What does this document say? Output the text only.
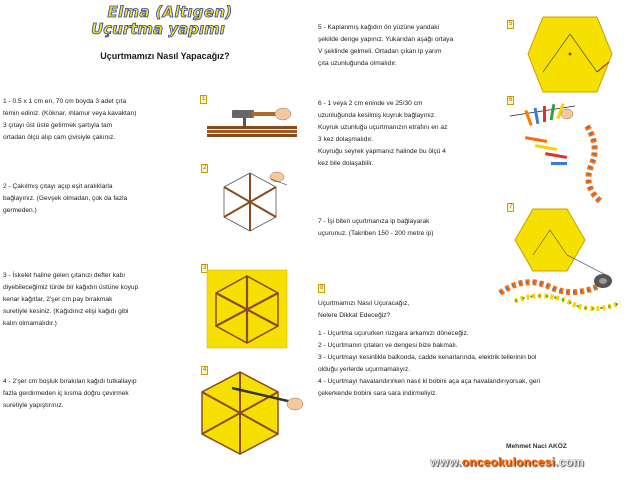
Elma (Altıgen)
Uçurtma yapımı
Uçurtmamızı Nasıl Yapacağız?

1 - 0.5 x 1 cm en, 70 cm boyda 3 adet çıta

temin ediniz. (Köknar, ıhlamur veya kavaktan)

3 çıtayı üst üste getirmek şartıyla tam

ortadan ölçü alıp cam çivisiyle çakınız.

2 - Çakılmış çıtayı açıp eşit aralıklarla

bağlayınız. (Gevşek olmadan, çok da fazla

germeden.)

3 - İskelet haline gelen çıtanızı defter kabı

diyebileceğimiz türde bir kağıdın üstüne koyup

kenar kağıtlar, 2'şer cm pay bırakmak

suretiyle kesiniz. (Kağıdınız elişi kağıdı gibi

kalın olmamalıdır.)

4 - 2'şer cm boşluk bırakılan kağıdı tutkallayıp

fazla gerdirmeden iç kısma doğru çevirmek

suretiyle yapıştırınız.

5 - Kaplanmış kağıdın ön yüzüne yandaki

şekilde denge yapınız. Yukarıdan aşağı ortaya

V şeklinde gelmeli. Ortadan çıkan ip yarım

çıta uzunluğunda olmalıdır.

6 - 1 veya 2 cm eninde ve 25/30 cm

uzunluğunda kesilmiş kuyruk bağlayınız.

Kuyruk uzunluğu uçurtmanızın etrafını en az

3 kez dolaşmalıdır.

Kuyruğu seyrek yapmanız halinde bu ölçü 4

kez bile dolaşabilir.

7 - İşi biten uçurtmanıza ip bağlayarak

uçurunuz. (Takriben 150 - 200 metre ip)

Uçurtmamızı Nasıl Uçuracağız,

Nelere Dikkat Edeceğiz?

1 - Uçurtma uçururken rüzgara arkamızı döneceğiz.

2 - Uçurtmanın çıtaları ve dengesi bize bakmalı.

3 - Uçurtmayı kesinlikle balkonda, cadde kenarlarında, elektrik tellerinin bol

olduğu yerlerde uçurmamalıyız.

4 - Uçurtmayı havalandırırken nasıl ki bobini aça aça havalandırıyorsak, geri

çekerkende bobini sara sara indirmeliyiz.

1
2
3
4
5
6
7
8
Mehmet Naci AKÖZ
www.onceokuloncesi.com
